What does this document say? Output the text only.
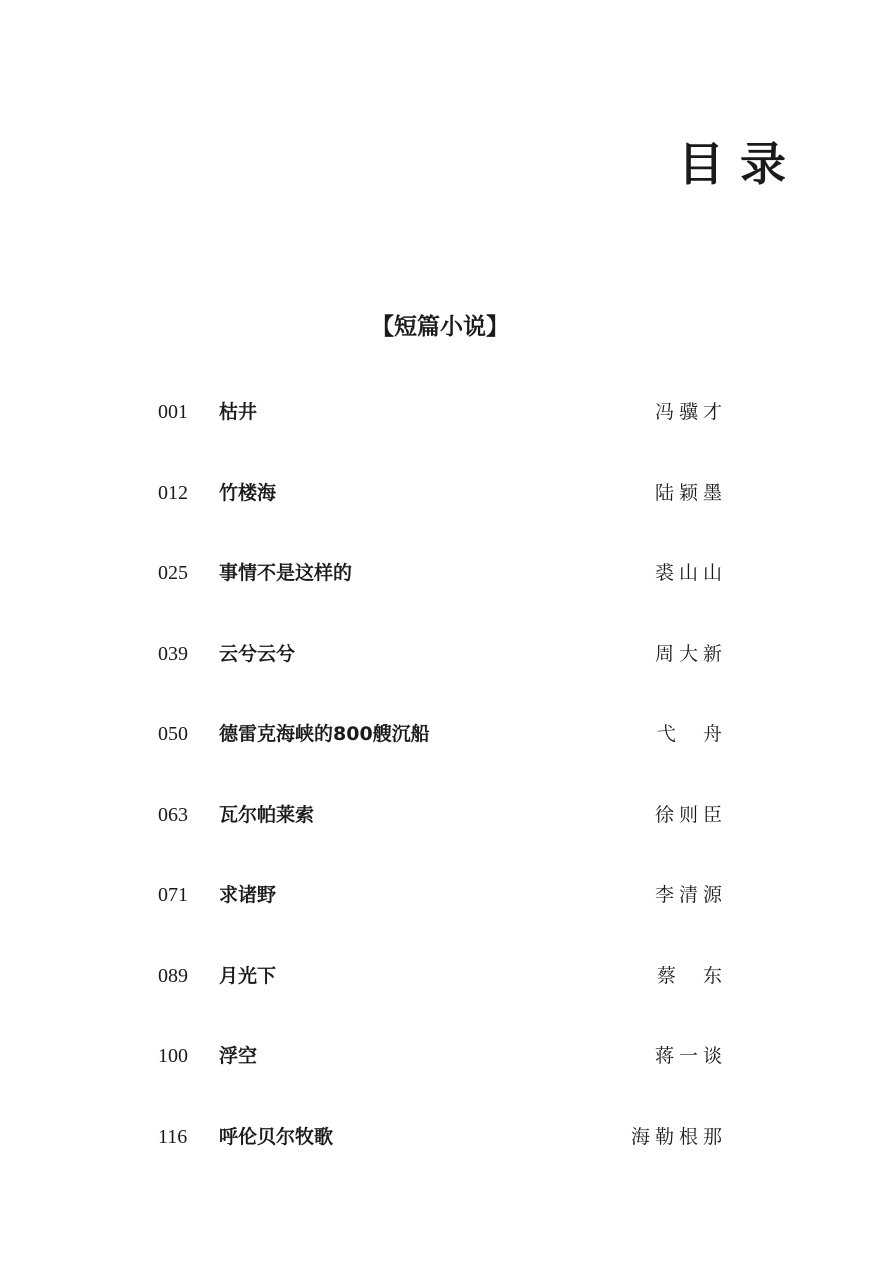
目录
【短篇小说】
001 枯井	冯骥才
012 竹楼海	陆颖墨
025 事情不是这样的	裘山山
039 云兮云兮	周大新
050 德雷克海峡的800艘沉船	弋  舟
063 瓦尔帕莱索	徐则臣
071 求诸野	李清源
089 月光下	蔡  东
100 浮空	蒋一谈
116 呼伦贝尔牧歌	海勒根那
